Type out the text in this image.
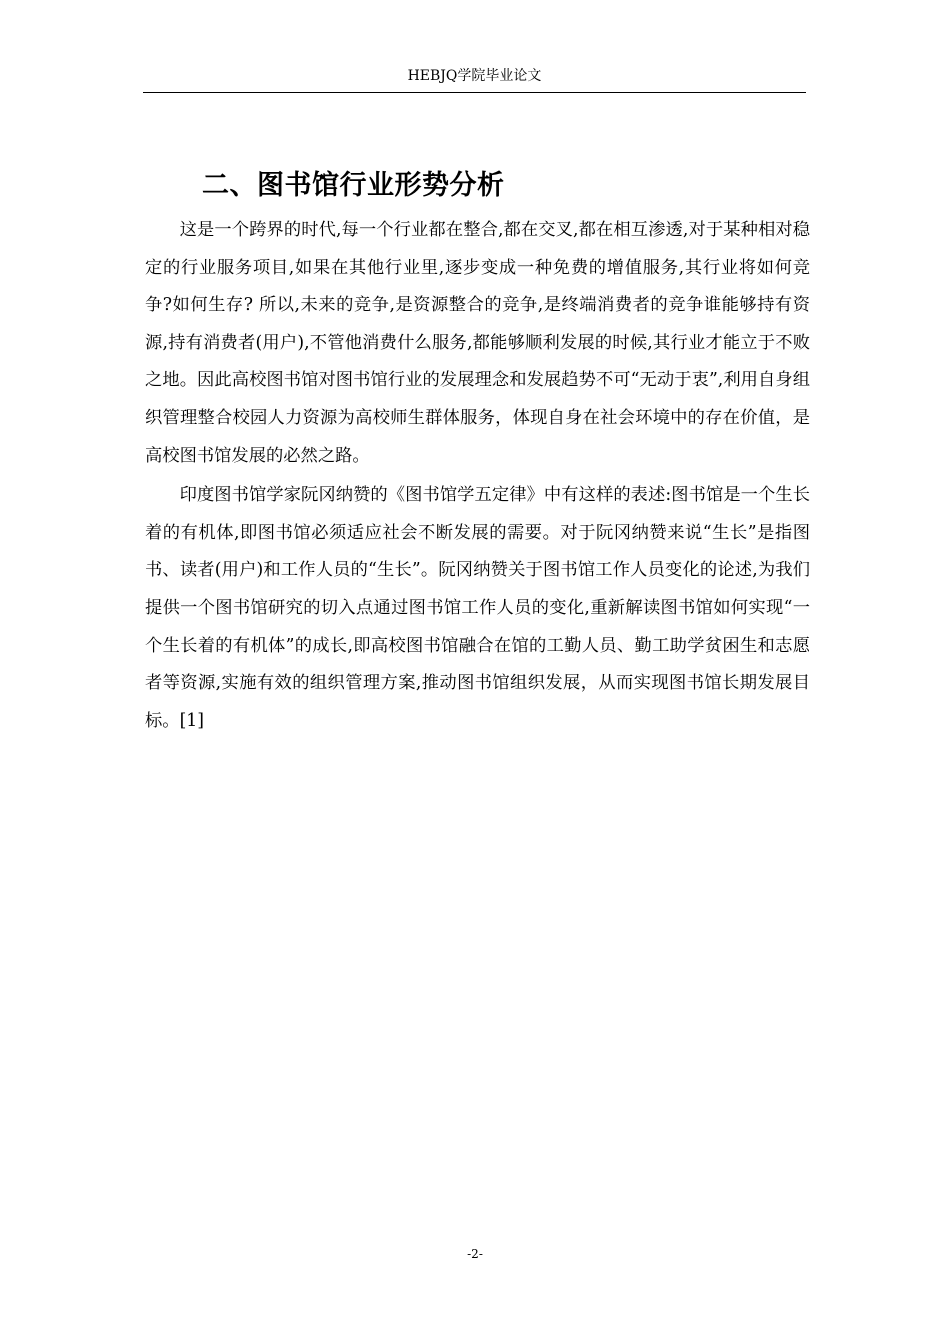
HEBJQ学院毕业论文
二、图书馆行业形势分析

这是一个跨界的时代,每一个行业都在整合,都在交叉,都在相互渗透,对于某种相对稳定的行业服务项目,如果在其他行业里,逐步变成一种免费的增值服务,其行业将如何竞争?如何生存? 所以,未来的竞争,是资源整合的竞争,是终端消费者的竞争谁能够持有资源,持有消费者(用户),不管他消费什么服务,都能够顺利发展的时候,其行业才能立于不败之地。因此高校图书馆对图书馆行业的发展理念和发展趋势不可“无动于衷”,利用自身组织管理整合校园人力资源为高校师生群体服务，体现自身在社会环境中的存在价值，是高校图书馆发展的必然之路。

印度图书馆学家阮冈纳赞的《图书馆学五定律》中有这样的表述:图书馆是一个生长着的有机体,即图书馆必须适应社会不断发展的需要。对于阮冈纳赞来说“生长”是指图书、读者(用户)和工作人员的“生长”。阮冈纳赞关于图书馆工作人员变化的论述,为我们提供一个图书馆研究的切入点通过图书馆工作人员的变化,重新解读图书馆如何实现“一个生长着的有机体”的成长,即高校图书馆融合在馆的工勤人员、勤工助学贫困生和志愿者等资源,实施有效的组织管理方案,推动图书馆组织发展，从而实现图书馆长期发展目标。[1]

-2-
